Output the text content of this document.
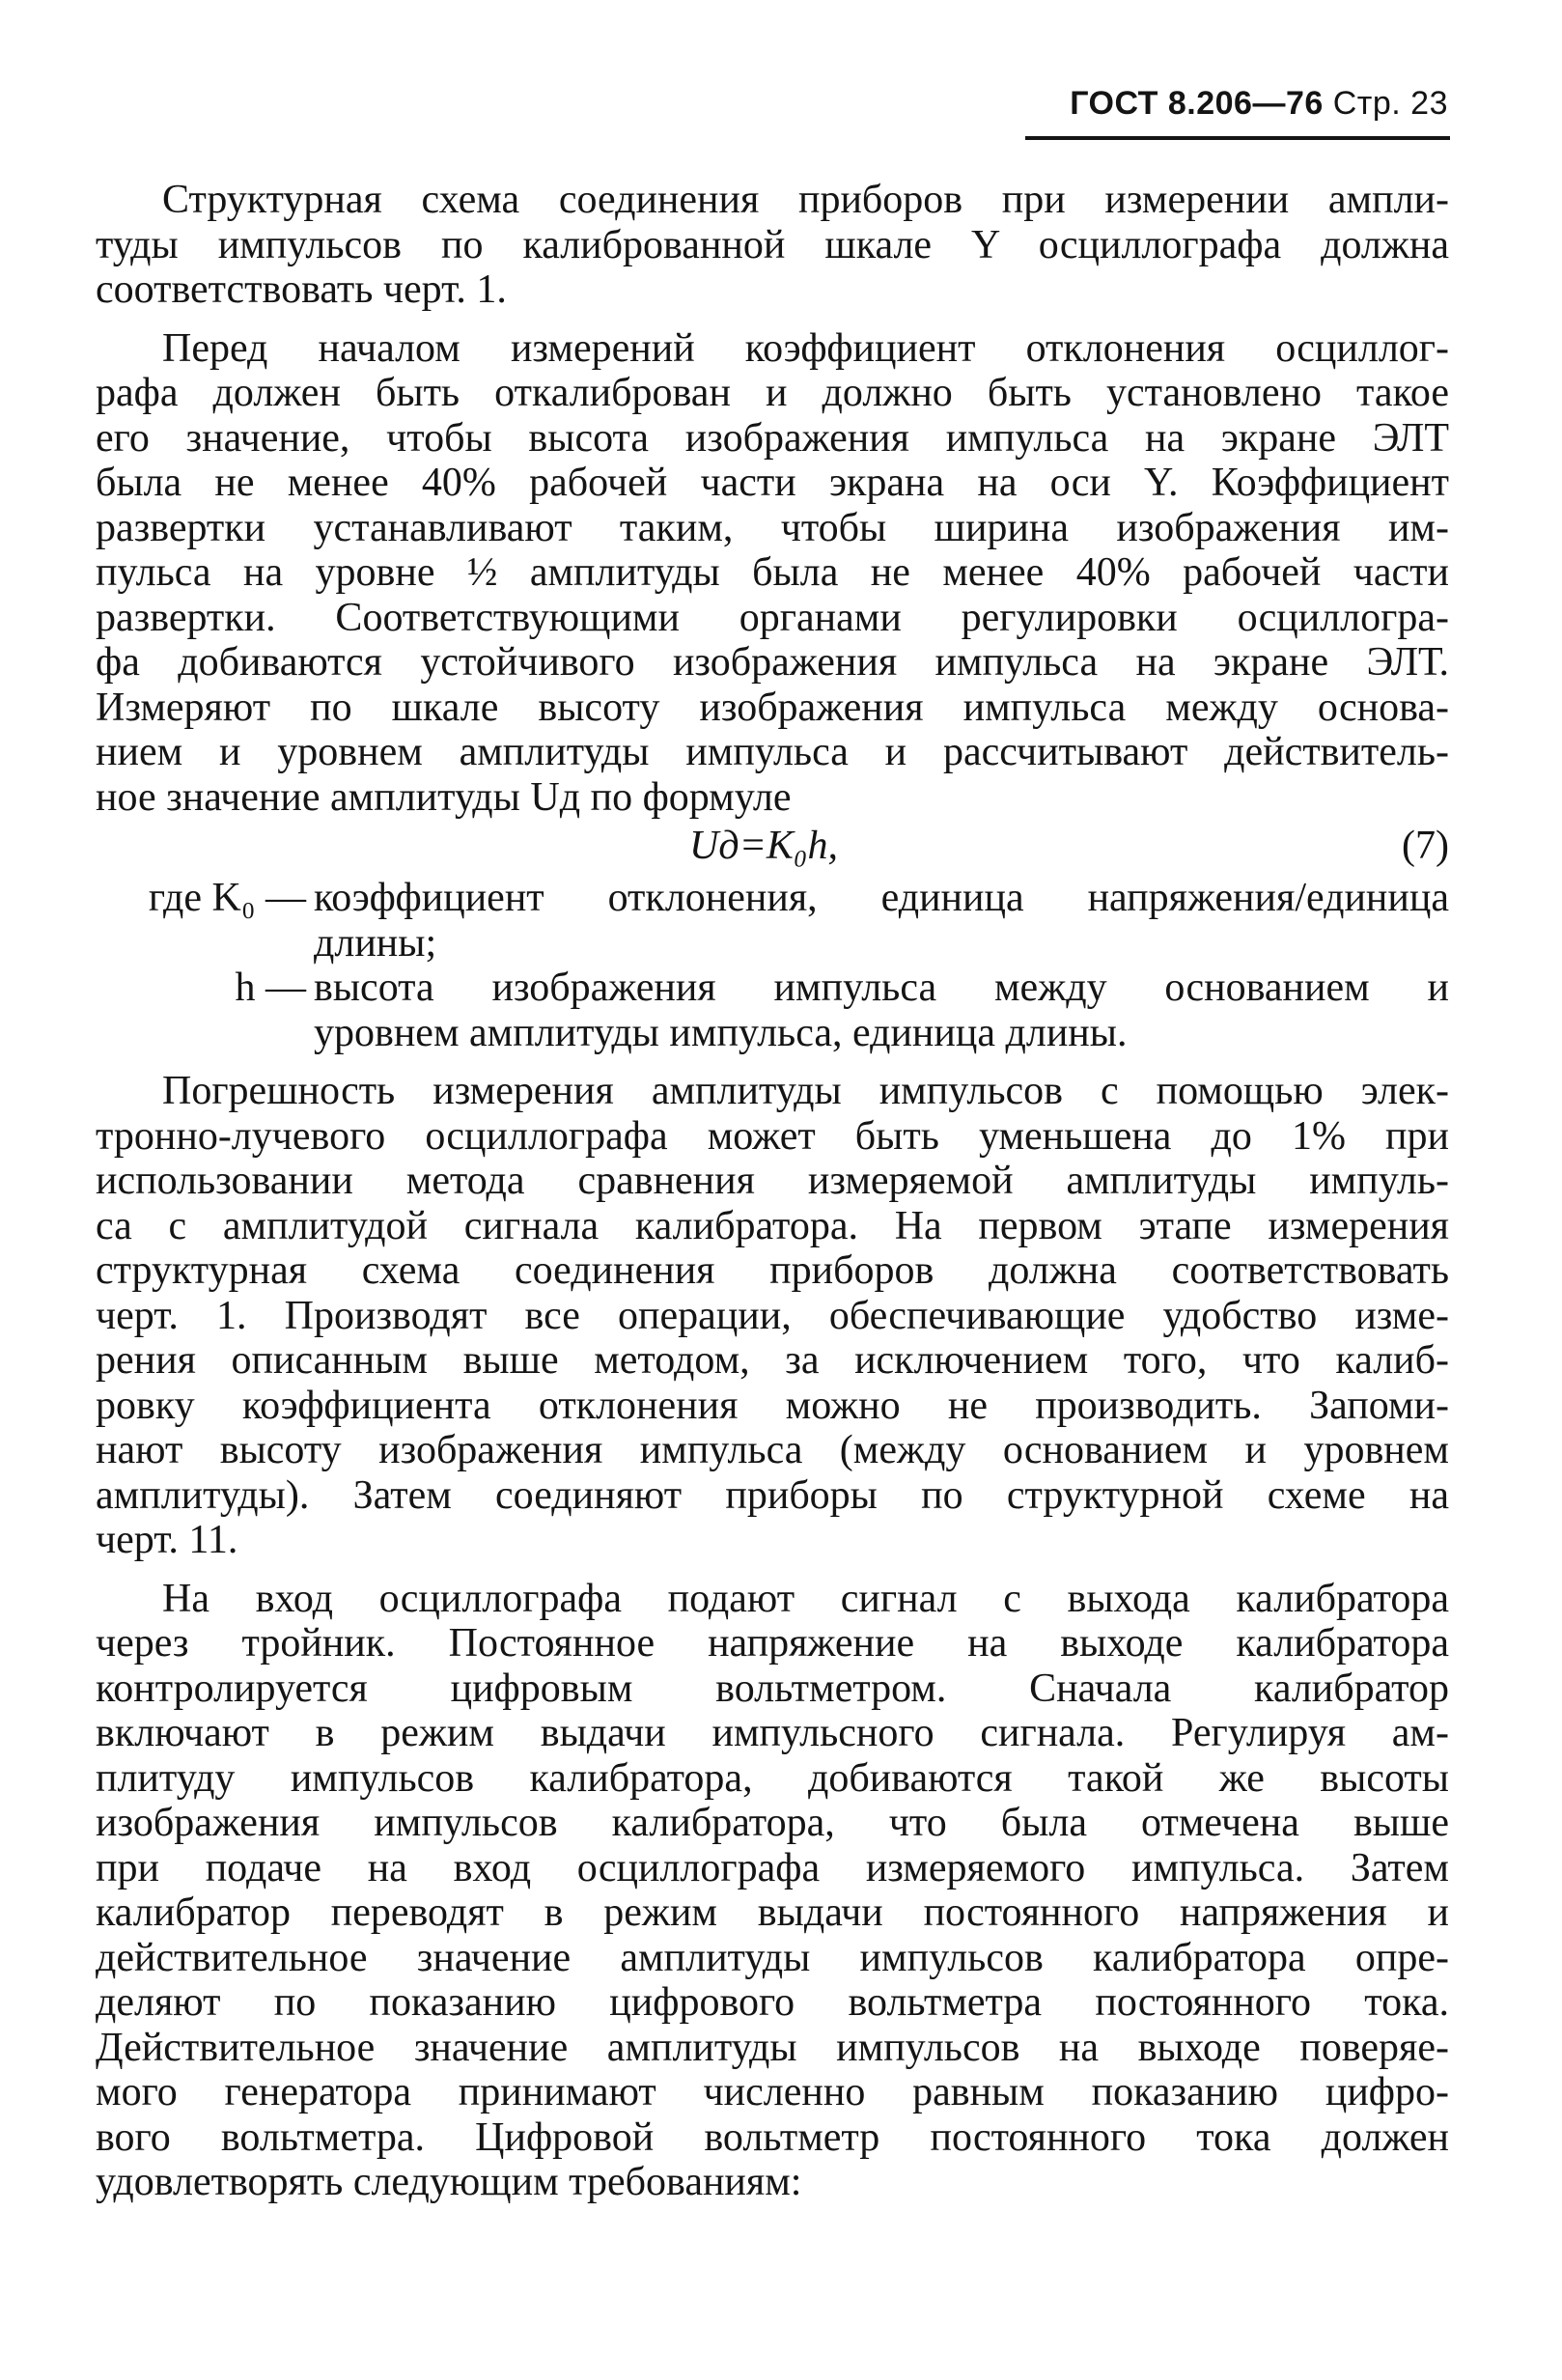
ГОСТ 8.206—76 Стр. 23
Структурная схема соединения приборов при измерении ампли-
туды импульсов по калиброванной шкале Y осциллографа должна
соответствовать черт. 1.
Перед началом измерений коэффициент отклонения осциллог-
рафа должен быть откалиброван и должно быть установлено такое
его значение, чтобы высота изображения импульса на экране ЭЛТ
была не менее 40% рабочей части экрана на оси Y. Коэффициент
развертки устанавливают таким, чтобы ширина изображения им-
пульса на уровне ½ амплитуды была не менее 40% рабочей части
развертки. Соответствующими органами регулировки осциллогра-
фа добиваются устойчивого изображения импульса на экране ЭЛТ.
Измеряют по шкале высоту изображения импульса между основа-
нием и уровнем амплитуды импульса и рассчитывают действитель-
ное значение амплитуды Uд по формуле
Uд=K₀h,	(7)
где K₀ — коэффициент отклонения, единица напряжения/единица
длины;
h — высота изображения импульса между основанием и
уровнем амплитуды импульса, единица длины.
Погрешность измерения амплитуды импульсов с помощью элек-
тронно-лучевого осциллографа может быть уменьшена до 1% при
использовании метода сравнения измеряемой амплитуды импуль-
са с амплитудой сигнала калибратора. На первом этапе измерения
структурная схема соединения приборов должна соответствовать
черт. 1. Производят все операции, обеспечивающие удобство изме-
рения описанным выше методом, за исключением того, что калиб-
ровку коэффициента отклонения можно не производить. Запоми-
нают высоту изображения импульса (между основанием и уровнем
амплитуды). Затем соединяют приборы по структурной схеме на
черт. 11.
На вход осциллографа подают сигнал с выхода калибратора
через тройник. Постоянное напряжение на выходе калибратора
контролируется цифровым вольтметром. Сначала калибратор
включают в режим выдачи импульсного сигнала. Регулируя ам-
плитуду импульсов калибратора, добиваются такой же высоты
изображения импульсов калибратора, что была отмечена выше
при подаче на вход осциллографа измеряемого импульса. Затем
калибратор переводят в режим выдачи постоянного напряжения и
действительное значение амплитуды импульсов калибратора опре-
деляют по показанию цифрового вольтметра постоянного тока.
Действительное значение амплитуды импульсов на выходе поверяе-
мого генератора принимают численно равным показанию цифро-
вого вольтметра. Цифровой вольтметр постоянного тока должен
удовлетворять следующим требованиям:
